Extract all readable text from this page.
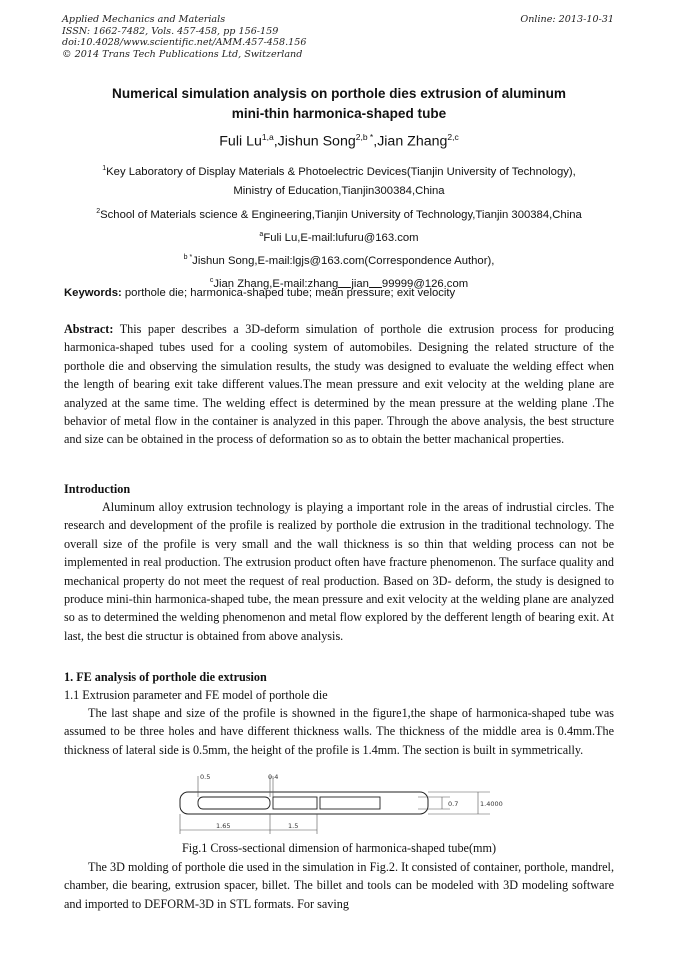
Applied Mechanics and Materials
ISSN: 1662-7482, Vols. 457-458, pp 156-159
doi:10.4028/www.scientific.net/AMM.457-458.156
© 2014 Trans Tech Publications Ltd, Switzerland
Online: 2013-10-31
Numerical simulation analysis on porthole dies extrusion of aluminum
mini-thin harmonica-shaped tube
Fuli Lu$^{1,a}$,Jishun Song$^{2,b *}$,Jian Zhang$^{2,c}$
$^1$Key Laboratory of Display Materials & Photoelectric Devices(Tianjin University of Technology),
Ministry of Education,Tianjin300384,China
$^2$School of Materials science & Engineering,Tianjin University of Technology,Tianjin 300384,China
$^a$Fuli Lu,E-mail:lufuru@163.com
$^{b *}$Jishun Song,E-mail:lgjs@163.com(Correspondence Author),
$^c$Jian Zhang,E-mail:zhang jian 99999@126.com
Keywords: porthole die; harmonica-shaped tube; mean pressure; exit velocity
Abstract: This paper describes a 3D-deform simulation of porthole die extrusion process for producing harmonica-shaped tubes used for a cooling system of automobiles. Designing the related structure of the porthole die and observing the simulation results, the study was designed to evaluate the welding effect when the length of bearing exit take different values.The mean pressure and exit velocity at the welding plane are analyzed at the same time. The welding effect is determined by the mean pressure at the welding plane .The behavior of metal flow in the container is analyzed in this paper. Through the above analysis, the best structure and size can be obtained in the process of deformation so as to obtain the better machanical properties.
Introduction
Aluminum alloy extrusion technology is playing a important role in the areas of indrustial circles. The research and development of the profile is realized by porthole die extrusion in the traditional technology. The overall size of the profile is very small and the wall thickness is so thin that welding process can not be implemented in real production. The extrusion product often have fracture phenomenon. The surface quality and mechanical property do not meet the request of real production. Based on 3D- deform, the study is designed to produce mini-thin harmonica-shaped tube, the mean pressure and exit velocity at the welding plane are analyzed so as to determined the welding phenomenon and metal flow explored by the defferent length of bearing exit. At last, the best die structur is obtained from above analysis.
1. FE analysis of porthole die extrusion
1.1 Extrusion parameter and FE model of porthole die
The last shape and size of the profile is showned in the figure1,the shape of harmonica-shaped tube was assumed to be three holes and have different thickness walls. The thickness of the middle area is 0.4mm.The thickness of lateral side is 0.5mm, the height of the profile is 1.4mm. The section is built in symmetrically.
0.5	0.4
0.7	1.4000
1.65	1.5
Fig.1 Cross-sectional dimension of harmonica-shaped tube(mm)
The 3D molding of porthole die used in the simulation in Fig.2. It consisted of container, porthole, mandrel, chamber, die bearing, extrusion spacer, billet. The billet and tools can be modeled with 3D modeling software and imported to DEFORM-3D in STL formats. For saving
